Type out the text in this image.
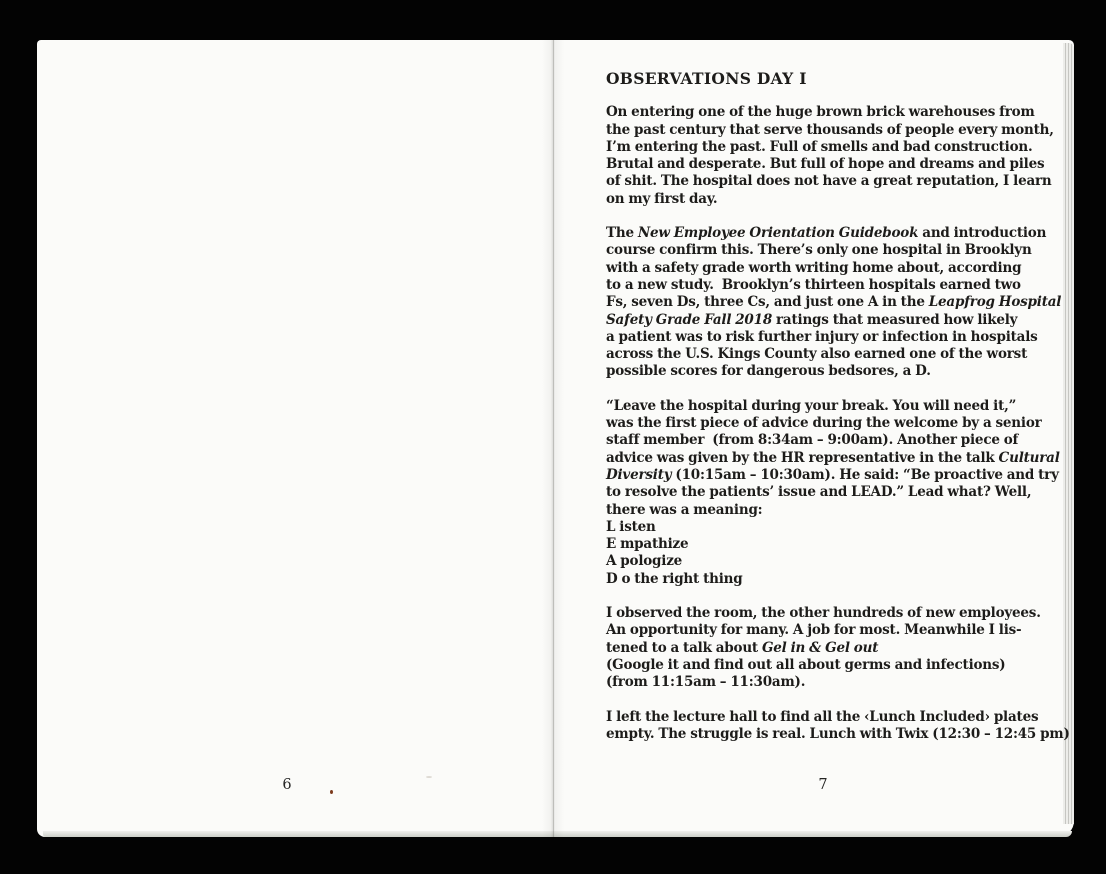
6
OBSERVATIONS DAY I
On entering one of the huge brown brick warehouses from
the past century that serve thousands of people every month,
I’m entering the past. Full of smells and bad construction.
Brutal and desperate. But full of hope and dreams and piles
of shit. The hospital does not have a great reputation, I learn
on my first day.
The New Employee Orientation Guidebook and introduction
course confirm this. There’s only one hospital in Brooklyn
with a safety grade worth writing home about, according
to a new study.  Brooklyn’s thirteen hospitals earned two
Fs, seven Ds, three Cs, and just one A in the Leapfrog Hospital
Safety Grade Fall 2018 ratings that measured how likely
a patient was to risk further injury or infection in hospitals
across the U.S. Kings County also earned one of the worst
possible scores for dangerous bedsores, a D.
“Leave the hospital during your break. You will need it,”
was the first piece of advice during the welcome by a senior
staff member  (from 8:34am – 9:00am). Another piece of
advice was given by the HR representative in the talk Cultural
Diversity (10:15am – 10:30am). He said: “Be proactive and try
to resolve the patients’ issue and LEAD.” Lead what? Well,
there was a meaning:
L isten
E mpathize
A pologize
D o the right thing
I observed the room, the other hundreds of new employees.
An opportunity for many. A job for most. Meanwhile I lis-
tened to a talk about Gel in & Gel out
(Google it and find out all about germs and infections)
(from 11:15am – 11:30am).
I left the lecture hall to find all the ‹Lunch Included› plates
empty. The struggle is real. Lunch with Twix (12:30 – 12:45 pm)
7
